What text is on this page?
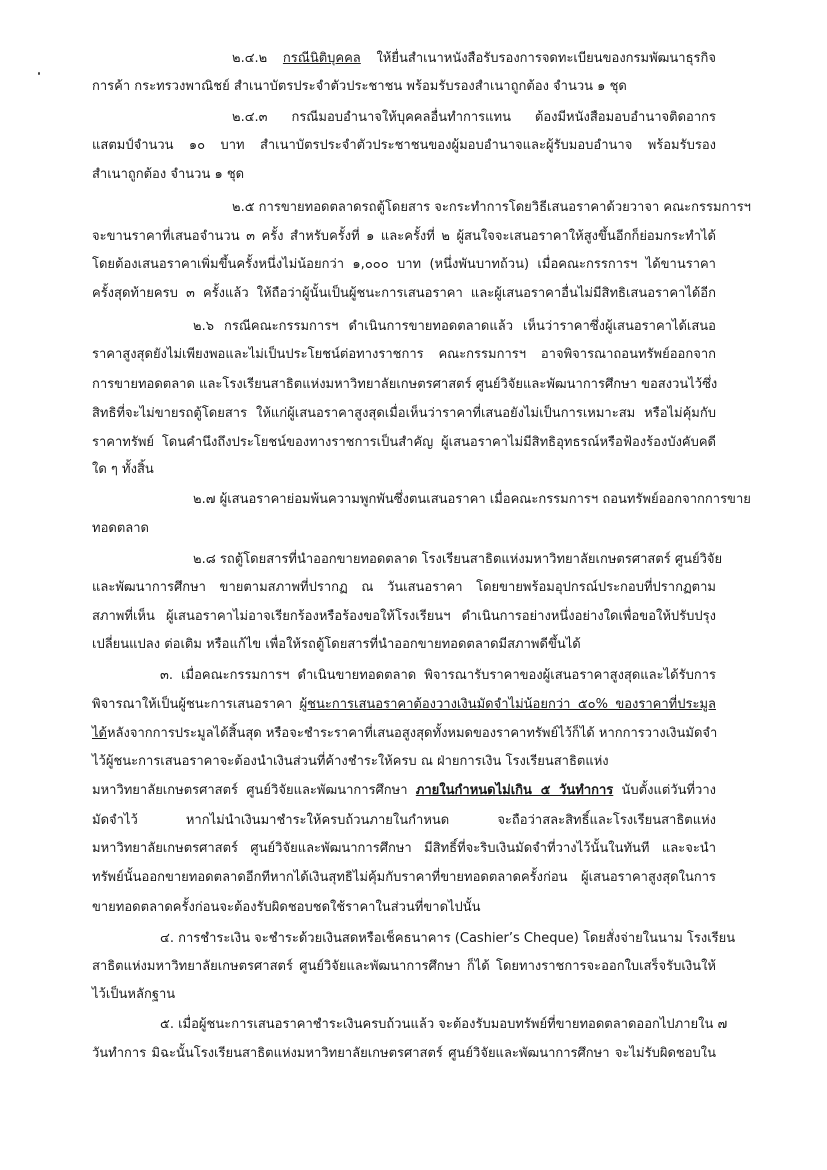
๒.๔.๒ กรณีนิติบุคคล ให้ยื่นสำเนาหนังสือรับรองการจดทะเบียนของกรมพัฒนาธุรกิจ

การค้า กระทรวงพาณิชย์ สำเนาบัตรประจำตัวประชาชน พร้อมรับรองสำเนาถูกต้อง จำนวน ๑ ชุด

๒.๔.๓ กรณีมอบอำนาจให้บุคคลอื่นทำการแทน ต้องมีหนังสือมอบอำนาจติดอากร

แสตมป์จำนวน ๑๐ บาท สำเนาบัตรประจำตัวประชาชนของผู้มอบอำนาจและผู้รับมอบอำนาจ พร้อมรับรอง

สำเนาถูกต้อง จำนวน ๑ ชุด

๒.๕ การขายทอดตลาดรถตู้โดยสาร จะกระทำการโดยวิธีเสนอราคาด้วยวาจา คณะกรรมการฯ

จะขานราคาที่เสนอจำนวน ๓ ครั้ง สำหรับครั้งที่ ๑ และครั้งที่ ๒ ผู้สนใจจะเสนอราคาให้สูงขึ้นอีกก็ย่อมกระทำได้

โดยต้องเสนอราคาเพิ่มขึ้นครั้งหนึ่งไม่น้อยกว่า ๑,๐๐๐ บาท (หนึ่งพันบาทถ้วน) เมื่อคณะกรรการฯ ได้ขานราคา

ครั้งสุดท้ายครบ ๓ ครั้งแล้ว ให้ถือว่าผู้นั้นเป็นผู้ชนะการเสนอราคา และผู้เสนอราคาอื่นไม่มีสิทธิเสนอราคาได้อีก

๒.๖ กรณีคณะกรรมการฯ ดำเนินการขายทอดตลาดแล้ว เห็นว่าราคาซึ่งผู้เสนอราคาได้เสนอ

ราคาสูงสุดยังไม่เพียงพอและไม่เป็นประโยชน์ต่อทางราชการ คณะกรรมการฯ อาจพิจารณาถอนทรัพย์ออกจาก

การขายทอดตลาด และโรงเรียนสาธิตแห่งมหาวิทยาลัยเกษตรศาสตร์ ศูนย์วิจัยและพัฒนาการศึกษา ขอสงวนไว้ซึ่ง

สิทธิที่จะไม่ขายรถตู้โดยสาร ให้แก่ผู้เสนอราคาสูงสุดเมื่อเห็นว่าราคาที่เสนอยังไม่เป็นการเหมาะสม หรือไม่คุ้มกับ

ราคาทรัพย์ โดนคำนึงถึงประโยชน์ของทางราชการเป็นสำคัญ ผู้เสนอราคาไม่มีสิทธิอุทธรณ์หรือฟ้องร้องบังคับคดี

ใด ๆ ทั้งสิ้น

๒.๗ ผู้เสนอราคาย่อมพ้นความพูกพันซึ่งตนเสนอราคา เมื่อคณะกรรมการฯ ถอนทรัพย์ออกจากการขาย

ทอดตลาด

๒.๘ รถตู้โดยสารที่นำออกขายทอดตลาด โรงเรียนสาธิตแห่งมหาวิทยาลัยเกษตรศาสตร์ ศูนย์วิจัย

และพัฒนาการศึกษา ขายตามสภาพที่ปรากฏ ณ วันเสนอราคา โดยขายพร้อมอุปกรณ์ประกอบที่ปรากฏตาม

สภาพที่เห็น ผู้เสนอราคาไม่อาจเรียกร้องหรือร้องขอให้โรงเรียนฯ ดำเนินการอย่างหนึ่งอย่างใดเพื่อขอให้ปรับปรุง

เปลี่ยนแปลง ต่อเติม หรือแก้ไข เพื่อให้รถตู้โดยสารที่นำออกขายทอดตลาดมีสภาพดีขึ้นได้

๓. เมื่อคณะกรรมการฯ ดำเนินขายทอดตลาด พิจารณารับราคาของผู้เสนอราคาสูงสุดและได้รับการ

พิจารณาให้เป็นผู้ชนะการเสนอราคา ผู้ชนะการเสนอราคาต้องวางเงินมัดจำไม่น้อยกว่า ๕๐% ของราคาที่ประมูล

ได้หลังจากการประมูลได้สิ้นสุด หรือจะชำระราคาที่เสนอสูงสุดทั้งหมดของราคาทรัพย์ไว้ก็ได้ หากการวางเงินมัดจำ

ไว้ผู้ชนะการเสนอราคาจะต้องนำเงินส่วนที่ค้างชำระให้ครบ ณ ฝ่ายการเงิน โรงเรียนสาธิตแห่ง

มหาวิทยาลัยเกษตรศาสตร์ ศูนย์วิจัยและพัฒนาการศึกษา ภายในกำหนดไม่เกิน ๕ วันทำการ นับตั้งแต่วันที่วาง

มัดจำไว้ หากไม่นำเงินมาชำระให้ครบถ้วนภายในกำหนด จะถือว่าสละสิทธิ์และโรงเรียนสาธิตแห่ง

มหาวิทยาลัยเกษตรศาสตร์ ศูนย์วิจัยและพัฒนาการศึกษา มีสิทธิ์ที่จะริบเงินมัดจำที่วางไว้นั้นในทันที และจะนำ

ทรัพย์นั้นออกขายทอดตลาดอีกทีหากได้เงินสุทธิไม่คุ้มกับราคาที่ขายทอดตลาดครั้งก่อน ผู้เสนอราคาสูงสุดในการ

ขายทอดตลาดครั้งก่อนจะต้องรับผิดชอบชดใช้ราคาในส่วนที่ขาดไปนั้น

๔. การชำระเงิน จะชำระด้วยเงินสดหรือเช็คธนาคาร (Cashier’s Cheque) โดยสั่งจ่ายในนาม โรงเรียน

สาธิตแห่งมหาวิทยาลัยเกษตรศาสตร์ ศูนย์วิจัยและพัฒนาการศึกษา ก็ได้ โดยทางราชการจะออกใบเสร็จรับเงินให้

ไว้เป็นหลักฐาน

๕. เมื่อผู้ชนะการเสนอราคาชำระเงินครบถ้วนแล้ว จะต้องรับมอบทรัพย์ที่ขายทอดตลาดออกไปภายใน ๗

วันทำการ มิฉะนั้นโรงเรียนสาธิตแห่งมหาวิทยาลัยเกษตรศาสตร์ ศูนย์วิจัยและพัฒนาการศึกษา จะไม่รับผิดชอบใน
